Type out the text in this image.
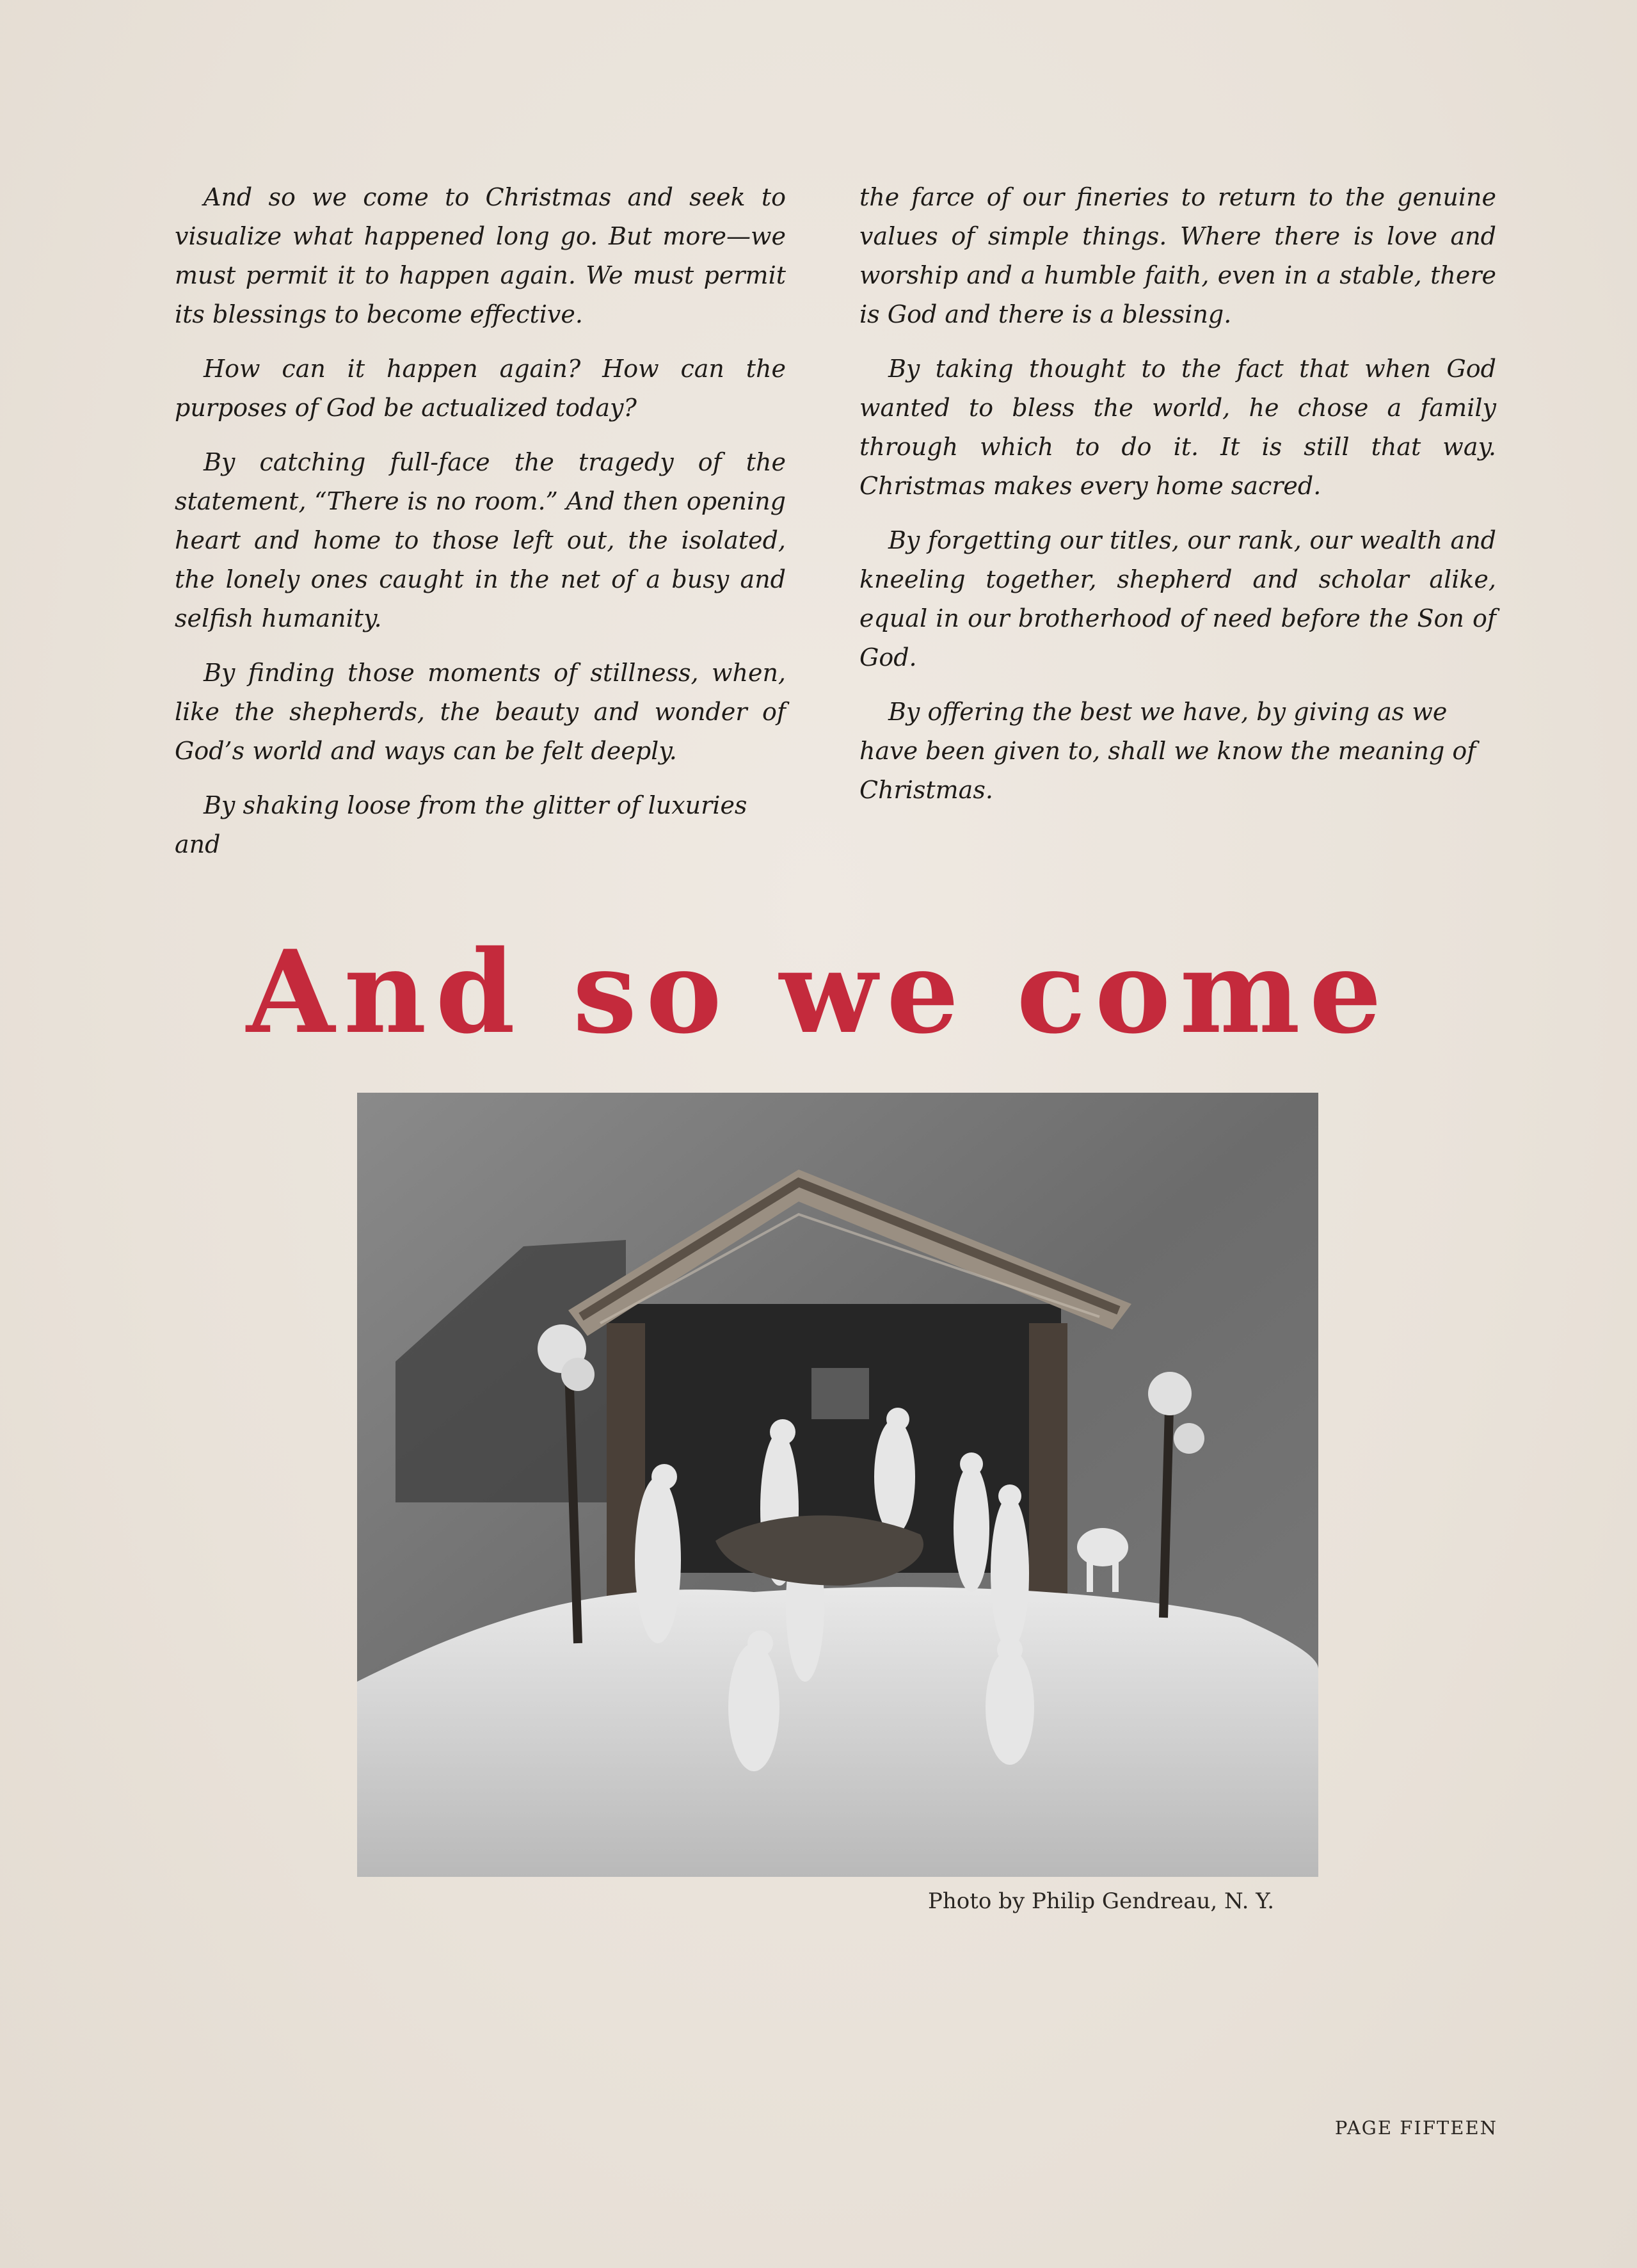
And so we come to Christmas and seek to visualize what happened long go. But more—we must permit it to happen again. We must permit its blessings to become effective.

How can it happen again? How can the purposes of God be actualized today?

By catching full-face the tragedy of the statement, “There is no room.” And then opening heart and home to those left out, the isolated, the lonely ones caught in the net of a busy and selfish humanity.

By finding those moments of stillness, when, like the shepherds, the beauty and wonder of God’s world and ways can be felt deeply.

By shaking loose from the glitter of luxuries and

the farce of our fineries to return to the genuine values of simple things. Where there is love and worship and a humble faith, even in a stable, there is God and there is a blessing.

By taking thought to the fact that when God wanted to bless the world, he chose a family through which to do it. It is still that way. Christmas makes every home sacred.

By forgetting our titles, our rank, our wealth and kneeling together, shepherd and scholar alike, equal in our brotherhood of need before the Son of God.

By offering the best we have, by giving as we have been given to, shall we know the meaning of Christmas.

And so we come
Photo by Philip Gendreau, N. Y.
PAGE FIFTEEN
